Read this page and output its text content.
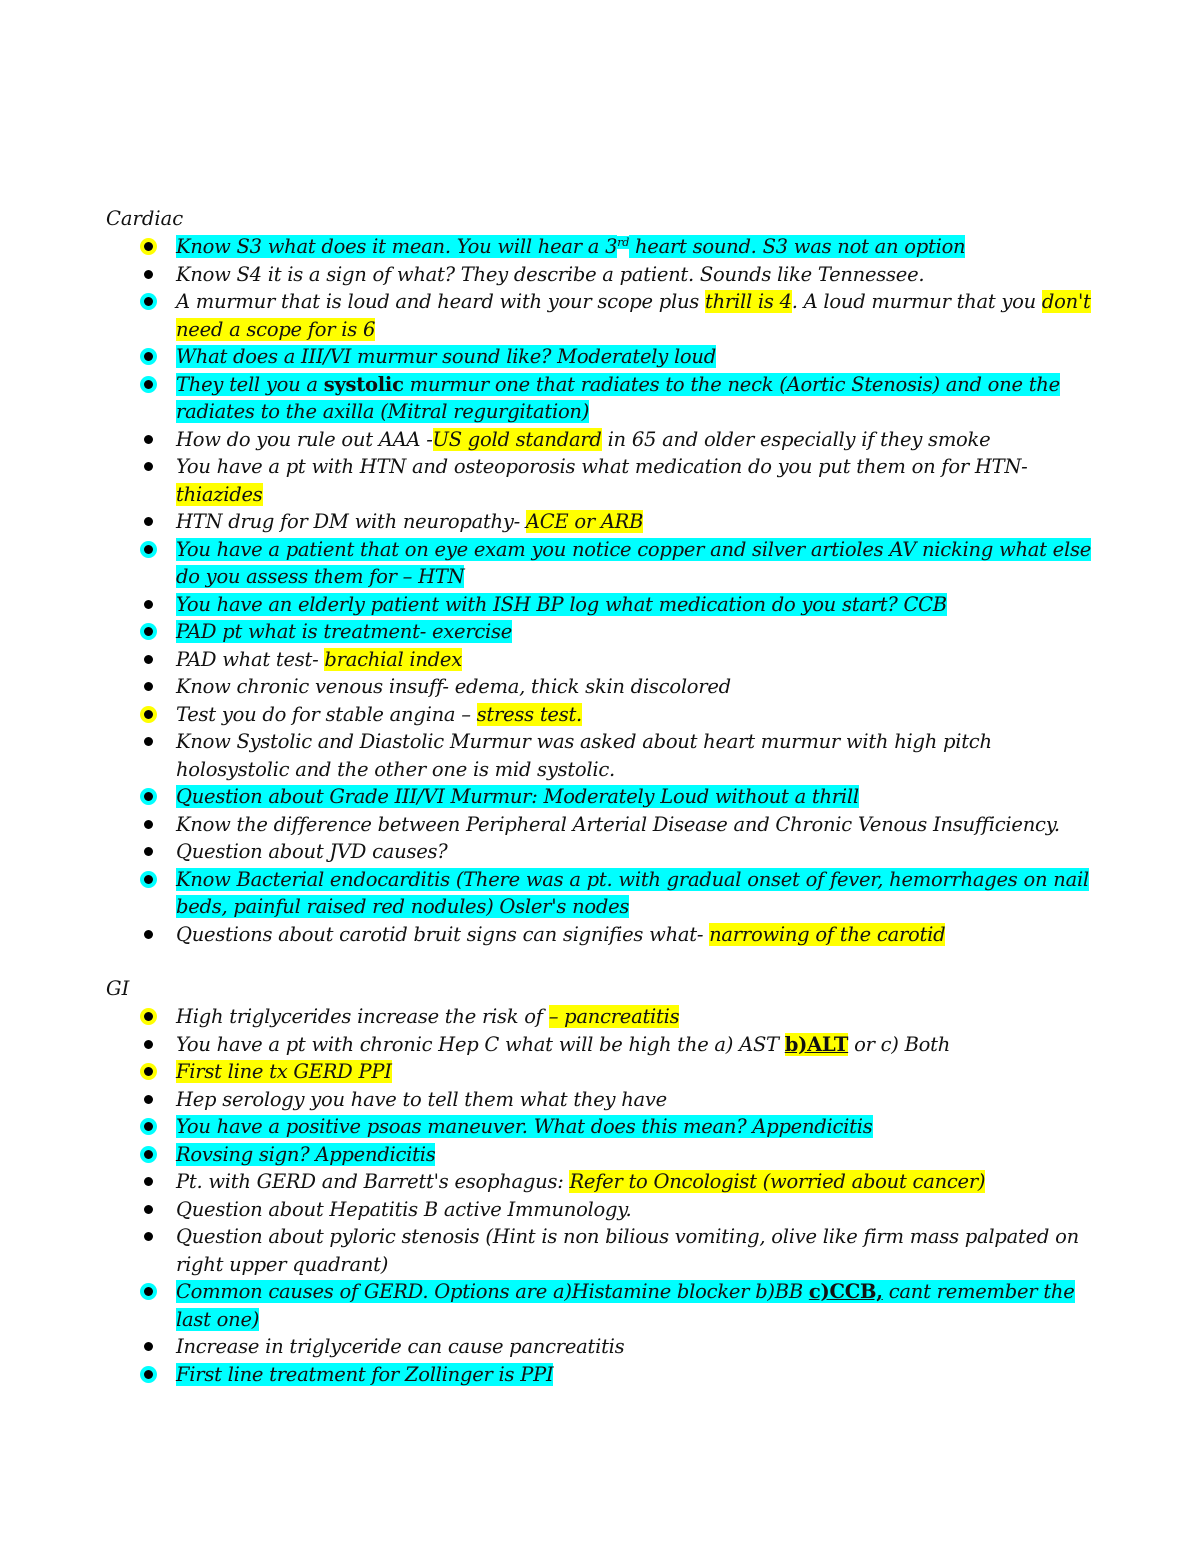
Cardiac

Know S3 what does it mean. You will hear a 3rd heart sound. S3 was not an option
Know S4 it is a sign of what? They describe a patient. Sounds like Tennessee.
A murmur that is loud and heard with your scope plus thrill is 4. A loud murmur that you don't need a scope for is 6
What does a III/VI murmur sound like? Moderately loud
They tell you a systolic murmur one that radiates to the neck (Aortic Stenosis) and one the radiates to the axilla (Mitral regurgitation)
How do you rule out AAA -US gold standard in 65 and older especially if they smoke
You have a pt with HTN and osteoporosis what medication do you put them on for HTN- thiazides
HTN drug for DM with neuropathy- ACE or ARB
You have a patient that on eye exam you notice copper and silver artioles AV nicking what else do you assess them for – HTN
You have an elderly patient with ISH BP log what medication do you start? CCB
PAD pt what is treatment- exercise
PAD what test- brachial index
Know chronic venous insuff- edema, thick skin discolored
Test you do for stable angina – stress test.
Know Systolic and Diastolic Murmur was asked about heart murmur with high pitch holosystolic and the other one is mid systolic.
Question about Grade III/VI Murmur: Moderately Loud without a thrill
Know the difference between Peripheral Arterial Disease and Chronic Venous Insufficiency.
Question about JVD causes?
Know Bacterial endocarditis (There was a pt. with gradual onset of fever, hemorrhages on nail beds, painful raised red nodules) Osler's nodes
Questions about carotid bruit signs can signifies what- narrowing of the carotid

GI

High triglycerides increase the risk of – pancreatitis
You have a pt with chronic Hep C what will be high the a) AST b)ALT or c) Both
First line tx GERD PPI
Hep serology you have to tell them what they have
You have a positive psoas maneuver. What does this mean? Appendicitis
Rovsing sign? Appendicitis
Pt. with GERD and Barrett's esophagus: Refer to Oncologist (worried about cancer)
Question about Hepatitis B active Immunology.
Question about pyloric stenosis (Hint is non bilious vomiting, olive like firm mass palpated on right upper quadrant)
Common causes of GERD. Options are a)Histamine blocker b)BB c)CCB, cant remember the last one)
Increase in triglyceride can cause pancreatitis
First line treatment for Zollinger is PPI
